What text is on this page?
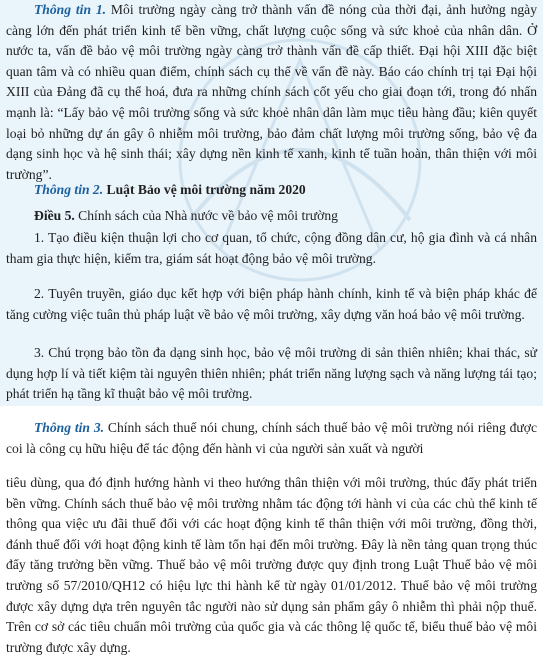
Thông tin 1. Môi trường ngày càng trở thành vấn đề nóng của thời đại, ảnh hưởng ngày càng lớn đến phát triển kinh tế bền vững, chất lượng cuộc sống và sức khoẻ của nhân dân. Ở nước ta, vấn đề bảo vệ môi trường ngày càng trở thành vấn đề cấp thiết. Đại hội XIII đặc biệt quan tâm và có nhiều quan điểm, chính sách cụ thể về vấn đề này. Báo cáo chính trị tại Đại hội XIII của Đảng đã cụ thể hoá, đưa ra những chính sách cốt yếu cho giai đoạn tới, trong đó nhấn mạnh là: “Lấy bảo vệ môi trường sống và sức khoẻ nhân dân làm mục tiêu hàng đầu; kiên quyết loại bỏ những dự án gây ô nhiễm môi trường, bảo đảm chất lượng môi trường sống, bảo vệ đa dạng sinh học và hệ sinh thái; xây dựng nền kinh tế xanh, kinh tế tuần hoàn, thân thiện với môi trường”.
Thông tin 2. Luật Bảo vệ môi trường năm 2020
Điều 5. Chính sách của Nhà nước về bảo vệ môi trường

1. Tạo điều kiện thuận lợi cho cơ quan, tổ chức, cộng đồng dân cư, hộ gia đình và cá nhân tham gia thực hiện, kiểm tra, giám sát hoạt động bảo vệ môi trường.

2. Tuyên truyền, giáo dục kết hợp với biện pháp hành chính, kinh tế và biện pháp khác để tăng cường việc tuân thủ pháp luật về bảo vệ môi trường, xây dựng văn hoá bảo vệ môi trường.

3. Chú trọng bảo tồn đa dạng sinh học, bảo vệ môi trường di sản thiên nhiên; khai thác, sử dụng hợp lí và tiết kiệm tài nguyên thiên nhiên; phát triển năng lượng sạch và năng lượng tái tạo; phát triển hạ tầng kĩ thuật bảo vệ môi trường.

Thông tin 3. Chính sách thuế nói chung, chính sách thuế bảo vệ môi trường nói riêng được coi là công cụ hữu hiệu để tác động đến hành vi của người sản xuất và người

tiêu dùng, qua đó định hướng hành vi theo hướng thân thiện với môi trường, thúc đẩy phát triển bền vững. Chính sách thuế bảo vệ môi trường nhằm tác động tới hành vi của các chủ thể kinh tế thông qua việc ưu đãi thuế đối với các hoạt động kinh tế thân thiện với môi trường, đồng thời, đánh thuế đối với hoạt động kinh tế làm tổn hại đến môi trường. Đây là nền tảng quan trọng thúc đẩy tăng trưởng bền vững. Thuế bảo vệ môi trường được quy định trong Luật Thuế bảo vệ môi trường số 57/2010/QH12 có hiệu lực thi hành kể từ ngày 01/01/2012. Thuế bảo vệ môi trường được xây dựng dựa trên nguyên tắc người nào sử dụng sản phẩm gây ô nhiễm thì phải nộp thuế. Trên cơ sở các tiêu chuẩn môi trường của quốc gia và các thông lệ quốc tế, biểu thuế bảo vệ môi trường được xây dựng.
